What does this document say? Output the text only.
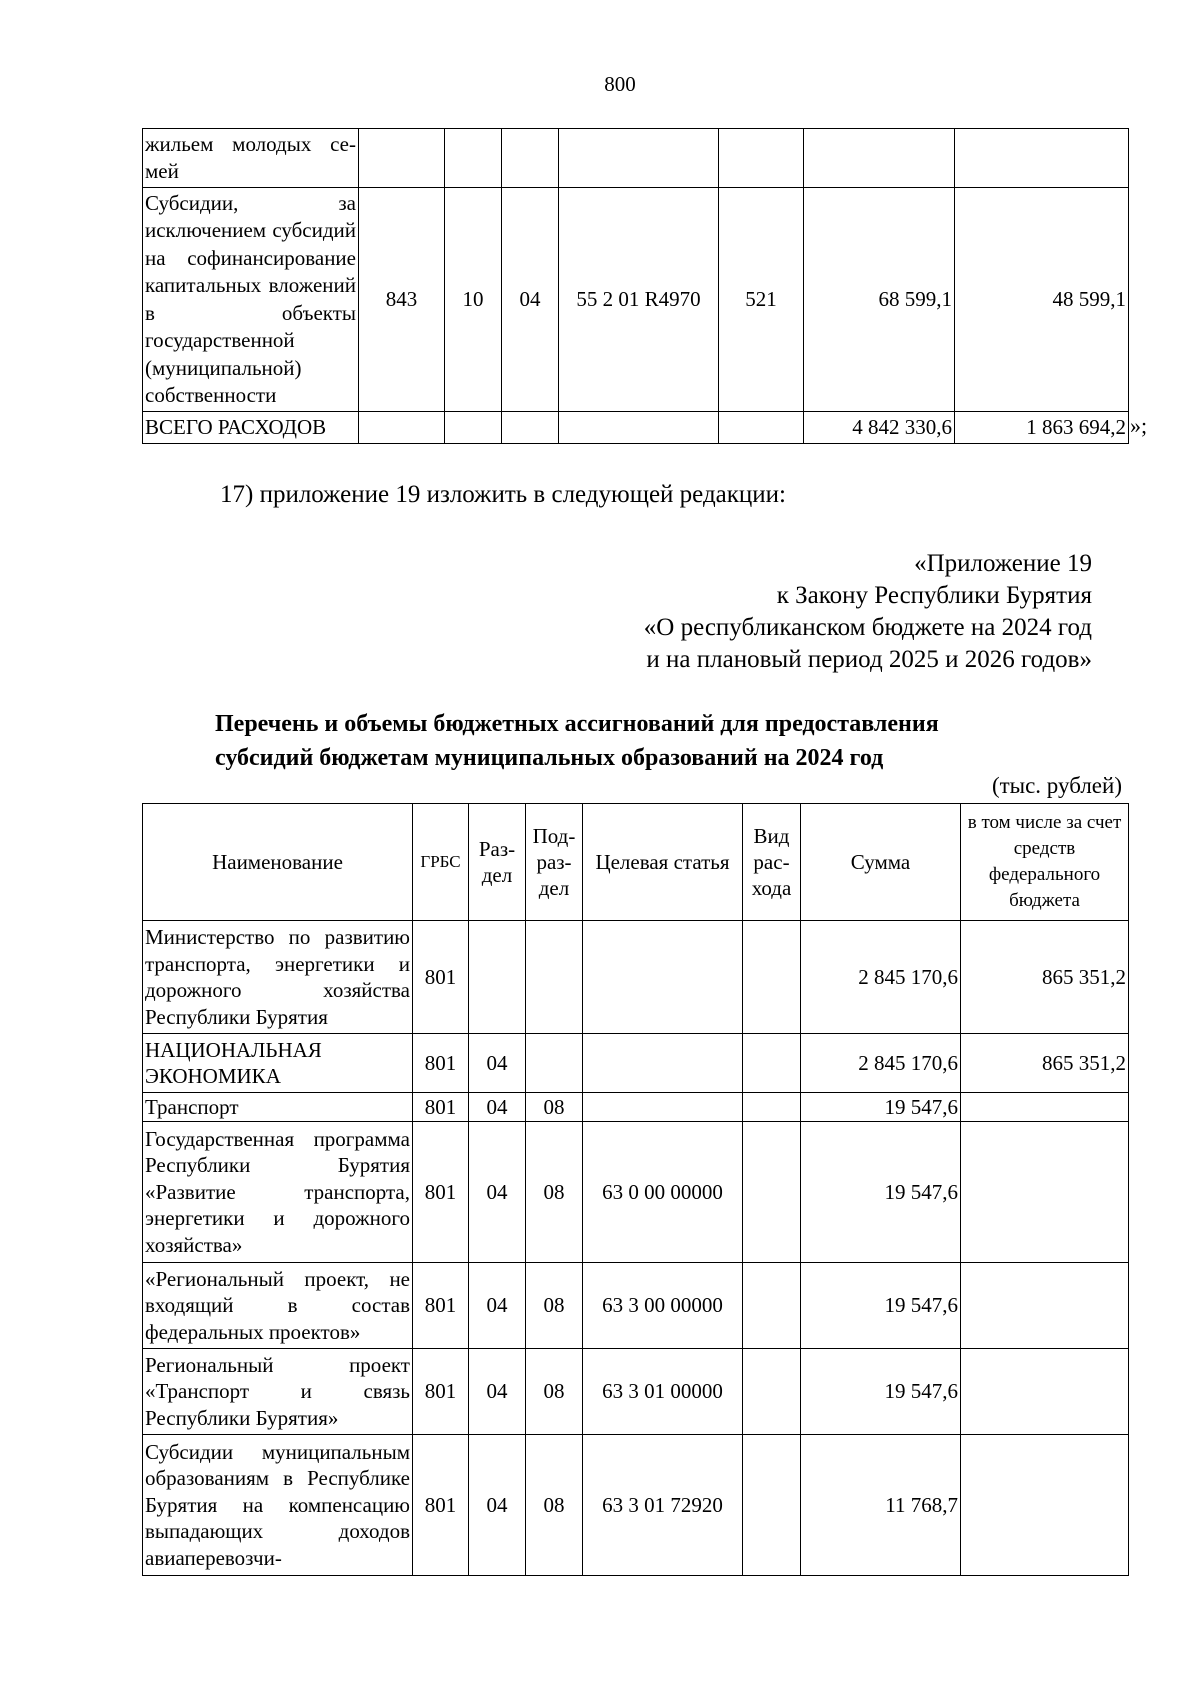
800
жильем молодых се-мей							
Субсидии, за исключением субсидий на софинансирование капитальных вложений в объекты государственной (муниципальной) собственности	843	10	04	55 2 01 R4970	521	68 599,1	48 599,1
ВСЕГО РАСХОДОВ						4 842 330,6	1 863 694,2 »;
17) приложение 19 изложить в следующей редакции:
«Приложение 19
к Закону Республики Бурятия
«О республиканском бюджете на 2024 год
и на плановый период 2025 и 2026 годов»
Перечень и объемы бюджетных ассигнований для предоставления
субсидий бюджетам муниципальных образований на 2024 год
(тыс. рублей)
Наименование	ГРБС	Раз-дел	Под-раз-дел	Целевая статья	Вид рас-хода	Сумма	в том числе за счет средств федерального бюджета
Министерство по развитию транспорта, энергетики и дорожного хозяйства Республики Бурятия	801					2 845 170,6	865 351,2
НАЦИОНАЛЬНАЯ ЭКОНОМИКА	801	04				2 845 170,6	865 351,2
Транспорт	801	04	08			19 547,6	
Государственная программа Республики Бурятия «Развитие транспорта, энергетики и дорожного хозяйства»	801	04	08	63 0 00 00000		19 547,6	
«Региональный проект, не входящий в состав федеральных проектов»	801	04	08	63 3 00 00000		19 547,6	
Региональный проект «Транспорт и связь Республики Бурятия»	801	04	08	63 3 01 00000		19 547,6	
Субсидии муниципальным образованиям в Республике Бурятия на компенсацию выпадающих доходов авиаперевозчи-	801	04	08	63 3 01 72920		11 768,7	
